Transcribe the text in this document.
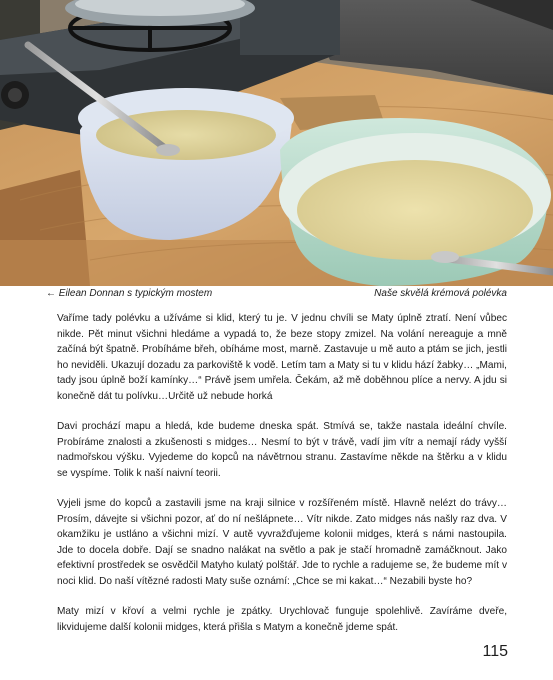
← Eilean Donnan s typickým mostem	Naše skvělá krémová polévka

Vaříme tady polévku a užíváme si klid, který tu je. V jednu chvíli se Maty úplně ztratí. Není vůbec nikde. Pět minut všichni hledáme a vypadá to, že beze stopy zmizel. Na volání nereaguje a mně začíná být špatně. Probíháme břeh, obíháme most, marně. Zastavuje u mě auto a ptám se jich, jestli ho neviděli. Ukazují dozadu za parkoviště k vodě. Letím tam a Maty si tu v klidu hází žabky… „Mami, tady jsou úplně boží kamínky…“ Právě jsem umřela. Čekám, až mě doběhnou plíce a nervy. A jdu si konečně dát tu polívku…Určitě už nebude horká

Davi prochází mapu a hledá, kde budeme dneska spát. Stmívá se, takže nastala ideální chvíle. Probíráme znalosti a zkušenosti s midges… Nesmí to být v trávě, vadí jim vítr a nemají rády vyšší nadmořskou výšku. Vyjedeme do kopců na návětrnou stranu. Zastavíme někde na štěrku a v klidu se vyspíme. Tolik k naší naivní teorii.

Vyjeli jsme do kopců a zastavili jsme na kraji silnice v rozšířeném místě. Hlavně nelézt do trávy… Prosím, dávejte si všichni pozor, ať do ní nešlápnete… Vítr nikde. Zato midges nás našly raz dva. V okamžiku je ustláno a všichni mizí. V autě vyvražďujeme kolonii midges, která s námi nastoupila. Jde to docela dobře. Dají se snadno nalákat na světlo a pak je stačí hromadně zamáčknout. Jako efektivní prostředek se osvědčil Matyho kulatý polštář. Jde to rychle a radujeme se, že budeme mít v noci klid. Do naší vítězné radosti Maty suše oznámí: „Chce se mi kakat…“ Nezabili byste ho?

Maty mizí v křoví a velmi rychle je zpátky. Urychlovač funguje spolehlivě. Zavíráme dveře, likvidujeme další kolonii midges, která přišla s Matym a konečně jdeme spát.

115
